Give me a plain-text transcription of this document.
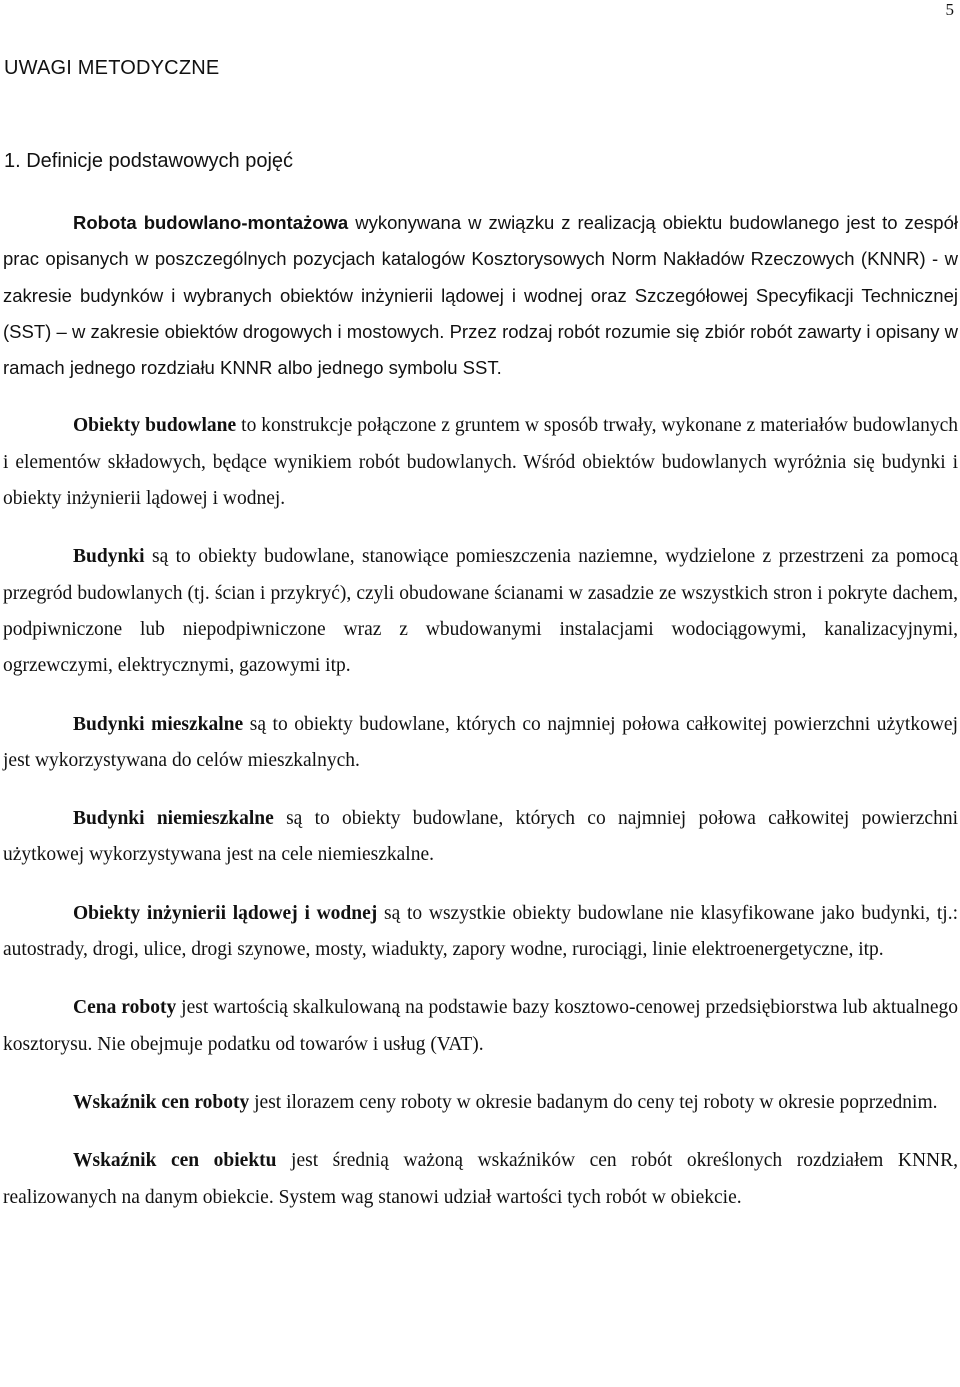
5
UWAGI METODYCZNE
1. Definicje podstawowych pojęć

Robota budowlano-montażowa wykonywana w związku z realizacją obiektu budowlanego jest to zespół prac opisanych w poszczególnych pozycjach katalogów Kosztorysowych Norm Nakładów Rzeczowych (KNNR) - w zakresie budynków i wybranych obiektów inżynierii lądowej i wodnej oraz Szczegółowej Specyfikacji Technicznej (SST) – w zakresie obiektów drogowych i mostowych. Przez rodzaj robót rozumie się zbiór robót zawarty i opisany w ramach jednego rozdziału KNNR albo jednego symbolu SST.

Obiekty budowlane to konstrukcje połączone z gruntem w sposób trwały, wykonane z materiałów budowlanych i elementów składowych, będące wynikiem robót budowlanych. Wśród obiektów budowlanych wyróżnia się budynki i obiekty inżynierii lądowej i wodnej.

Budynki są to obiekty budowlane, stanowiące pomieszczenia naziemne, wydzielone z przestrzeni za pomocą przegród budowlanych (tj. ścian i przykryć), czyli obudowane ścianami w zasadzie ze wszystkich stron i pokryte dachem, podpiwniczone lub niepodpiwniczone wraz z wbudowanymi instalacjami wodociągowymi, kanalizacyjnymi, ogrzewczymi, elektrycznymi, gazowymi itp.

Budynki mieszkalne są to obiekty budowlane, których co najmniej połowa całkowitej powierzchni użytkowej jest wykorzystywana do celów mieszkalnych.

Budynki niemieszkalne są to obiekty budowlane, których co najmniej połowa całkowitej powierzchni użytkowej wykorzystywana jest na cele niemieszkalne.

Obiekty inżynierii lądowej i wodnej są to wszystkie obiekty budowlane nie klasyfikowane jako budynki, tj.: autostrady, drogi, ulice, drogi szynowe, mosty, wiadukty, zapory wodne, rurociągi, linie elektroenergetyczne, itp.

Cena roboty jest wartością skalkulowaną na podstawie bazy kosztowo-cenowej przedsiębiorstwa lub aktualnego kosztorysu. Nie obejmuje podatku od towarów i usług (VAT).

Wskaźnik cen roboty jest ilorazem ceny roboty w okresie badanym do ceny tej roboty w okresie poprzednim.

Wskaźnik cen obiektu jest średnią ważoną wskaźników cen robót określonych rozdziałem KNNR, realizowanych na danym obiekcie. System wag stanowi udział wartości tych robót w obiekcie.
